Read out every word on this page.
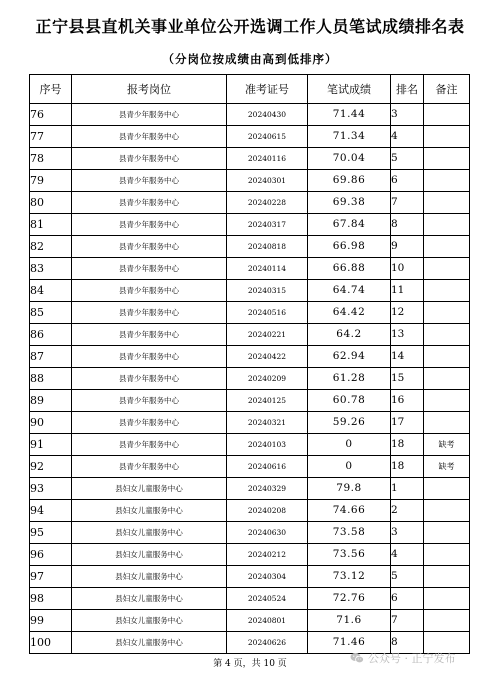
正宁县县直机关事业单位公开选调工作人员笔试成绩排名表
（分岗位按成绩由高到低排序）
序号	报考岗位	准考证号	笔试成绩	排名	备注
76	县青少年服务中心	20240430	71.44	3	
77	县青少年服务中心	20240615	71.34	4	
78	县青少年服务中心	20240116	70.04	5	
79	县青少年服务中心	20240301	69.86	6	
80	县青少年服务中心	20240228	69.38	7	
81	县青少年服务中心	20240317	67.84	8	
82	县青少年服务中心	20240818	66.98	9	
83	县青少年服务中心	20240114	66.88	10	
84	县青少年服务中心	20240315	64.74	11	
85	县青少年服务中心	20240516	64.42	12	
86	县青少年服务中心	20240221	64.2	13	
87	县青少年服务中心	20240422	62.94	14	
88	县青少年服务中心	20240209	61.28	15	
89	县青少年服务中心	20240125	60.78	16	
90	县青少年服务中心	20240321	59.26	17	
91	县青少年服务中心	20240103	0	18	缺考
92	县青少年服务中心	20240616	0	18	缺考
93	县妇女儿童服务中心	20240329	79.8	1	
94	县妇女儿童服务中心	20240208	74.66	2	
95	县妇女儿童服务中心	20240630	73.58	3	
96	县妇女儿童服务中心	20240212	73.56	4	
97	县妇女儿童服务中心	20240304	73.12	5	
98	县妇女儿童服务中心	20240524	72.76	6	
99	县妇女儿童服务中心	20240801	71.6	7	
100	县妇女儿童服务中心	20240626	71.46	8	
第 4 页，共 10 页	公众号 · 正宁发布
